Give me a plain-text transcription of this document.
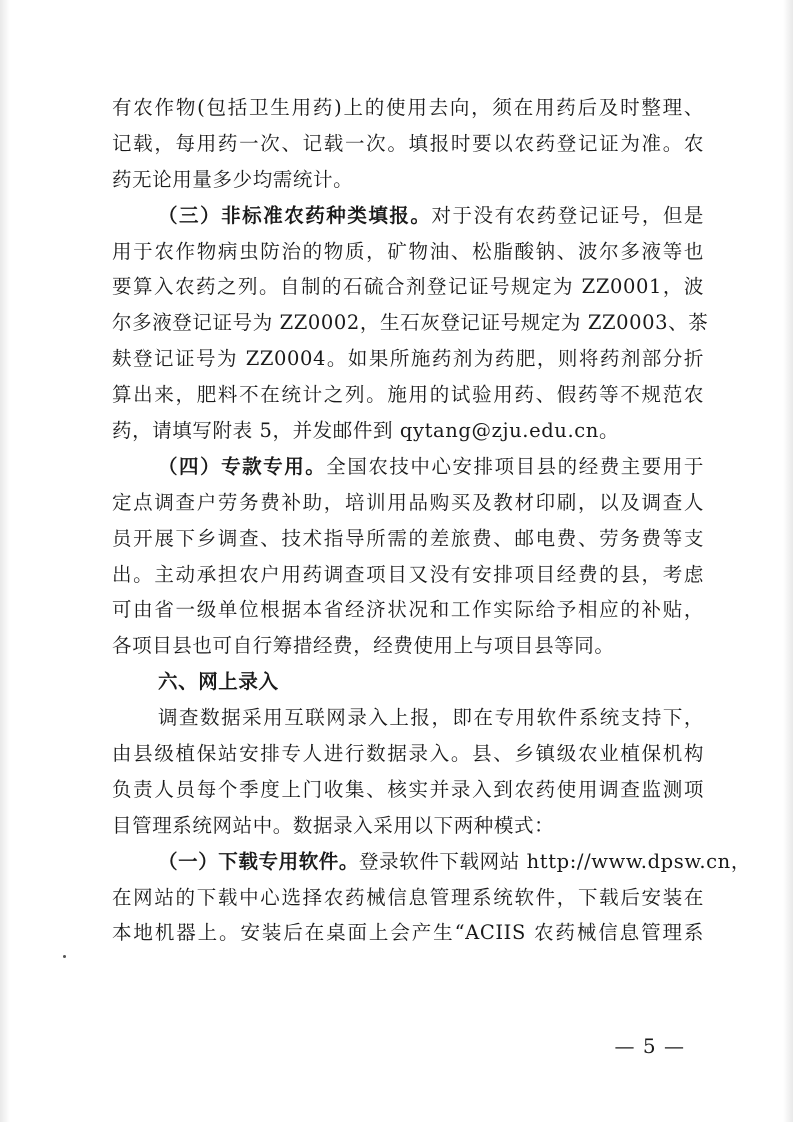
有农作物(包括卫生用药)上的使用去向，须在用药后及时整理、
记载，每用药一次、记载一次。填报时要以农药登记证为准。农
药无论用量多少均需统计。
（三）非标准农药种类填报。对于没有农药登记证号，但是
用于农作物病虫防治的物质，矿物油、松脂酸钠、波尔多液等也
要算入农药之列。自制的石硫合剂登记证号规定为 ZZ0001，波
尔多液登记证号为 ZZ0002，生石灰登记证号规定为 ZZ0003、茶
麸登记证号为 ZZ0004。如果所施药剂为药肥，则将药剂部分折
算出来，肥料不在统计之列。施用的试验用药、假药等不规范农
药，请填写附表 5，并发邮件到 qytang@zju.edu.cn。
（四）专款专用。全国农技中心安排项目县的经费主要用于
定点调查户劳务费补助，培训用品购买及教材印刷，以及调查人
员开展下乡调查、技术指导所需的差旅费、邮电费、劳务费等支
出。主动承担农户用药调查项目又没有安排项目经费的县，考虑
可由省一级单位根据本省经济状况和工作实际给予相应的补贴，
各项目县也可自行筹措经费，经费使用上与项目县等同。
六、网上录入
调查数据采用互联网录入上报，即在专用软件系统支持下，
由县级植保站安排专人进行数据录入。县、乡镇级农业植保机构
负责人员每个季度上门收集、核实并录入到农药使用调查监测项
目管理系统网站中。数据录入采用以下两种模式：
（一）下载专用软件。登录软件下载网站 http://www.dpsw.cn，
在网站的下载中心选择农药械信息管理系统软件，下载后安装在
本地机器上。安装后在桌面上会产生“ACIIS 农药械信息管理系
— 5 —
